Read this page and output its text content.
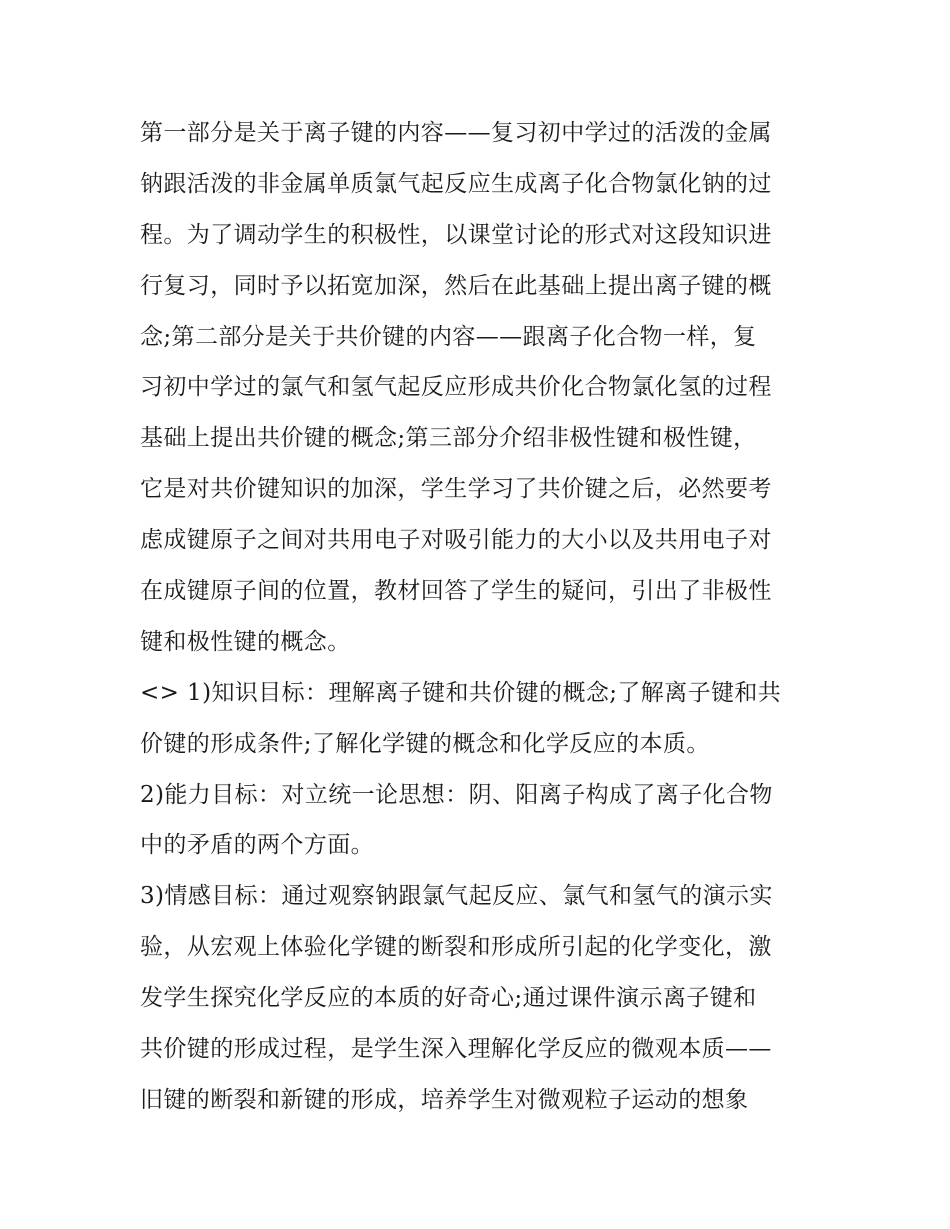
第一部分是关于离子键的内容——复习初中学过的活泼的金属
钠跟活泼的非金属单质氯气起反应生成离子化合物氯化钠的过
程。为了调动学生的积极性，以课堂讨论的形式对这段知识进
行复习，同时予以拓宽加深，然后在此基础上提出离子键的概
念;第二部分是关于共价键的内容——跟离子化合物一样，复
习初中学过的氯气和氢气起反应形成共价化合物氯化氢的过程
基础上提出共价键的概念;第三部分介绍非极性键和极性键，
它是对共价键知识的加深，学生学习了共价键之后，必然要考
虑成键原子之间对共用电子对吸引能力的大小以及共用电子对
在成键原子间的位置，教材回答了学生的疑问，引出了非极性
键和极性键的概念。
<> 1)知识目标：理解离子键和共价键的概念;了解离子键和共
价键的形成条件;了解化学键的概念和化学反应的本质。
2)能力目标：对立统一论思想：阴、阳离子构成了离子化合物
中的矛盾的两个方面。
3)情感目标：通过观察钠跟氯气起反应、氯气和氢气的演示实
验，从宏观上体验化学键的断裂和形成所引起的化学变化，激
发学生探究化学反应的本质的好奇心;通过课件演示离子键和
共价键的形成过程，是学生深入理解化学反应的微观本质——
旧键的断裂和新键的形成，培养学生对微观粒子运动的想象
